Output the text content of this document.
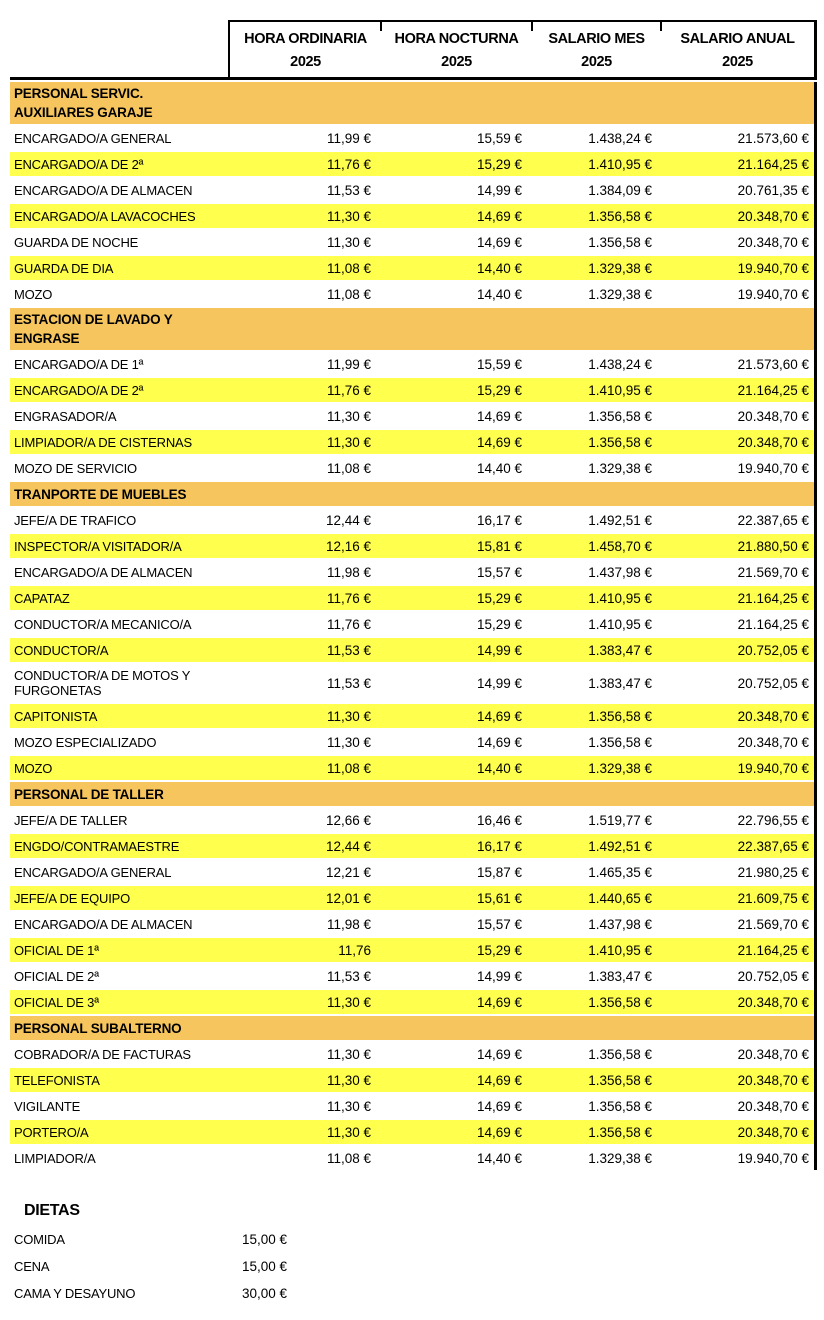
HORA ORDINARIA
2025
HORA NOCTURNA
2025
SALARIO MES
2025
SALARIO ANUAL
2025
PERSONAL SERVIC.
AUXILIARES GARAJE
ENCARGADO/A GENERAL	11,99 €	15,59 €	1.438,24 €	21.573,60 €
ENCARGADO/A DE 2ª	11,76 €	15,29 €	1.410,95 €	21.164,25 €
ENCARGADO/A DE ALMACEN	11,53 €	14,99 €	1.384,09 €	20.761,35 €
ENCARGADO/A LAVACOCHES	11,30 €	14,69 €	1.356,58 €	20.348,70 €
GUARDA DE NOCHE	11,30 €	14,69 €	1.356,58 €	20.348,70 €
GUARDA DE DIA	11,08 €	14,40 €	1.329,38 €	19.940,70 €
MOZO	11,08 €	14,40 €	1.329,38 €	19.940,70 €
ESTACION DE LAVADO Y
ENGRASE
ENCARGADO/A DE 1ª	11,99 €	15,59 €	1.438,24 €	21.573,60 €
ENCARGADO/A DE 2ª	11,76 €	15,29 €	1.410,95 €	21.164,25 €
ENGRASADOR/A	11,30 €	14,69 €	1.356,58 €	20.348,70 €
LIMPIADOR/A DE CISTERNAS	11,30 €	14,69 €	1.356,58 €	20.348,70 €
MOZO DE SERVICIO	11,08 €	14,40 €	1.329,38 €	19.940,70 €
TRANPORTE DE MUEBLES
JEFE/A DE TRAFICO	12,44 €	16,17 €	1.492,51 €	22.387,65 €
INSPECTOR/A VISITADOR/A	12,16 €	15,81 €	1.458,70 €	21.880,50 €
ENCARGADO/A DE ALMACEN	11,98 €	15,57 €	1.437,98 €	21.569,70 €
CAPATAZ	11,76 €	15,29 €	1.410,95 €	21.164,25 €
CONDUCTOR/A MECANICO/A	11,76 €	15,29 €	1.410,95 €	21.164,25 €
CONDUCTOR/A	11,53 €	14,99 €	1.383,47 €	20.752,05 €
CONDUCTOR/A DE MOTOS Y FURGONETAS	11,53 €	14,99 €	1.383,47 €	20.752,05 €
CAPITONISTA	11,30 €	14,69 €	1.356,58 €	20.348,70 €
MOZO ESPECIALIZADO	11,30 €	14,69 €	1.356,58 €	20.348,70 €
MOZO	11,08 €	14,40 €	1.329,38 €	19.940,70 €
PERSONAL DE TALLER
JEFE/A DE TALLER	12,66 €	16,46 €	1.519,77 €	22.796,55 €
ENGDO/CONTRAMAESTRE	12,44 €	16,17 €	1.492,51 €	22.387,65 €
ENCARGADO/A GENERAL	12,21 €	15,87 €	1.465,35 €	21.980,25 €
JEFE/A DE EQUIPO	12,01 €	15,61 €	1.440,65 €	21.609,75 €
ENCARGADO/A DE ALMACEN	11,98 €	15,57 €	1.437,98 €	21.569,70 €
OFICIAL DE 1ª	11,76	15,29 €	1.410,95 €	21.164,25 €
OFICIAL DE 2ª	11,53 €	14,99 €	1.383,47 €	20.752,05 €
OFICIAL DE 3ª	11,30 €	14,69 €	1.356,58 €	20.348,70 €
PERSONAL SUBALTERNO
COBRADOR/A DE FACTURAS	11,30 €	14,69 €	1.356,58 €	20.348,70 €
TELEFONISTA	11,30 €	14,69 €	1.356,58 €	20.348,70 €
VIGILANTE	11,30 €	14,69 €	1.356,58 €	20.348,70 €
PORTERO/A	11,30 €	14,69 €	1.356,58 €	20.348,70 €
LIMPIADOR/A	11,08 €	14,40 €	1.329,38 €	19.940,70 €
DIETAS
COMIDA	15,00 €
CENA	15,00 €
CAMA Y DESAYUNO	30,00 €
